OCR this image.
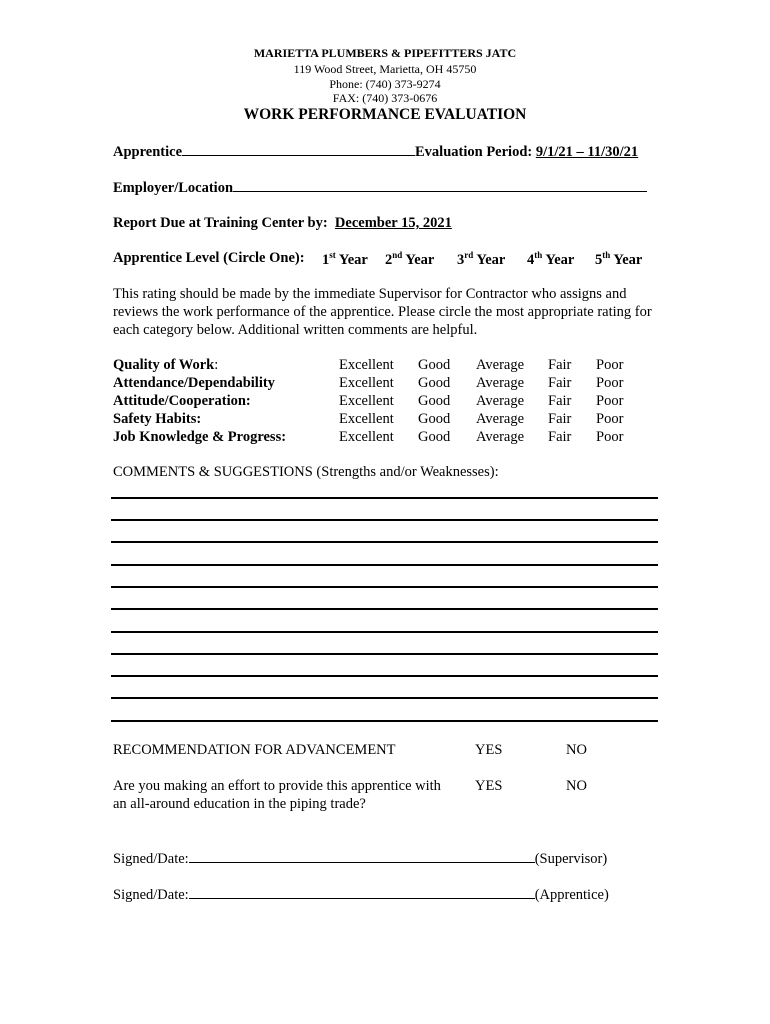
MARIETTA PLUMBERS & PIPEFITTERS JATC
119 Wood Street, Marietta, OH 45750
Phone: (740) 373-9274
FAX: (740) 373-0676
WORK PERFORMANCE EVALUATION
Apprentice	Evaluation Period: 9/1/21 – 11/30/21
Employer/Location
Report Due at Training Center by: December 15, 2021
Apprentice Level (Circle One): 1st Year 2nd Year 3rd Year 4th Year 5th Year
This rating should be made by the immediate Supervisor for Contractor who assigns and reviews the work performance of the apprentice. Please circle the most appropriate rating for each category below. Additional written comments are helpful.
Quality of Work:	Excellent Good Average Fair Poor
Attendance/Dependability	Excellent Good Average Fair Poor
Attitude/Cooperation:	Excellent Good Average Fair Poor
Safety Habits:	Excellent Good Average Fair Poor
Job Knowledge & Progress:	Excellent Good Average Fair Poor
COMMENTS & SUGGESTIONS (Strengths and/or Weaknesses):
RECOMMENDATION FOR ADVANCEMENT	YES	NO
Are you making an effort to provide this apprentice with
an all-around education in the piping trade?
YES	NO
Signed/Date:	(Supervisor)
Signed/Date:	(Apprentice)
